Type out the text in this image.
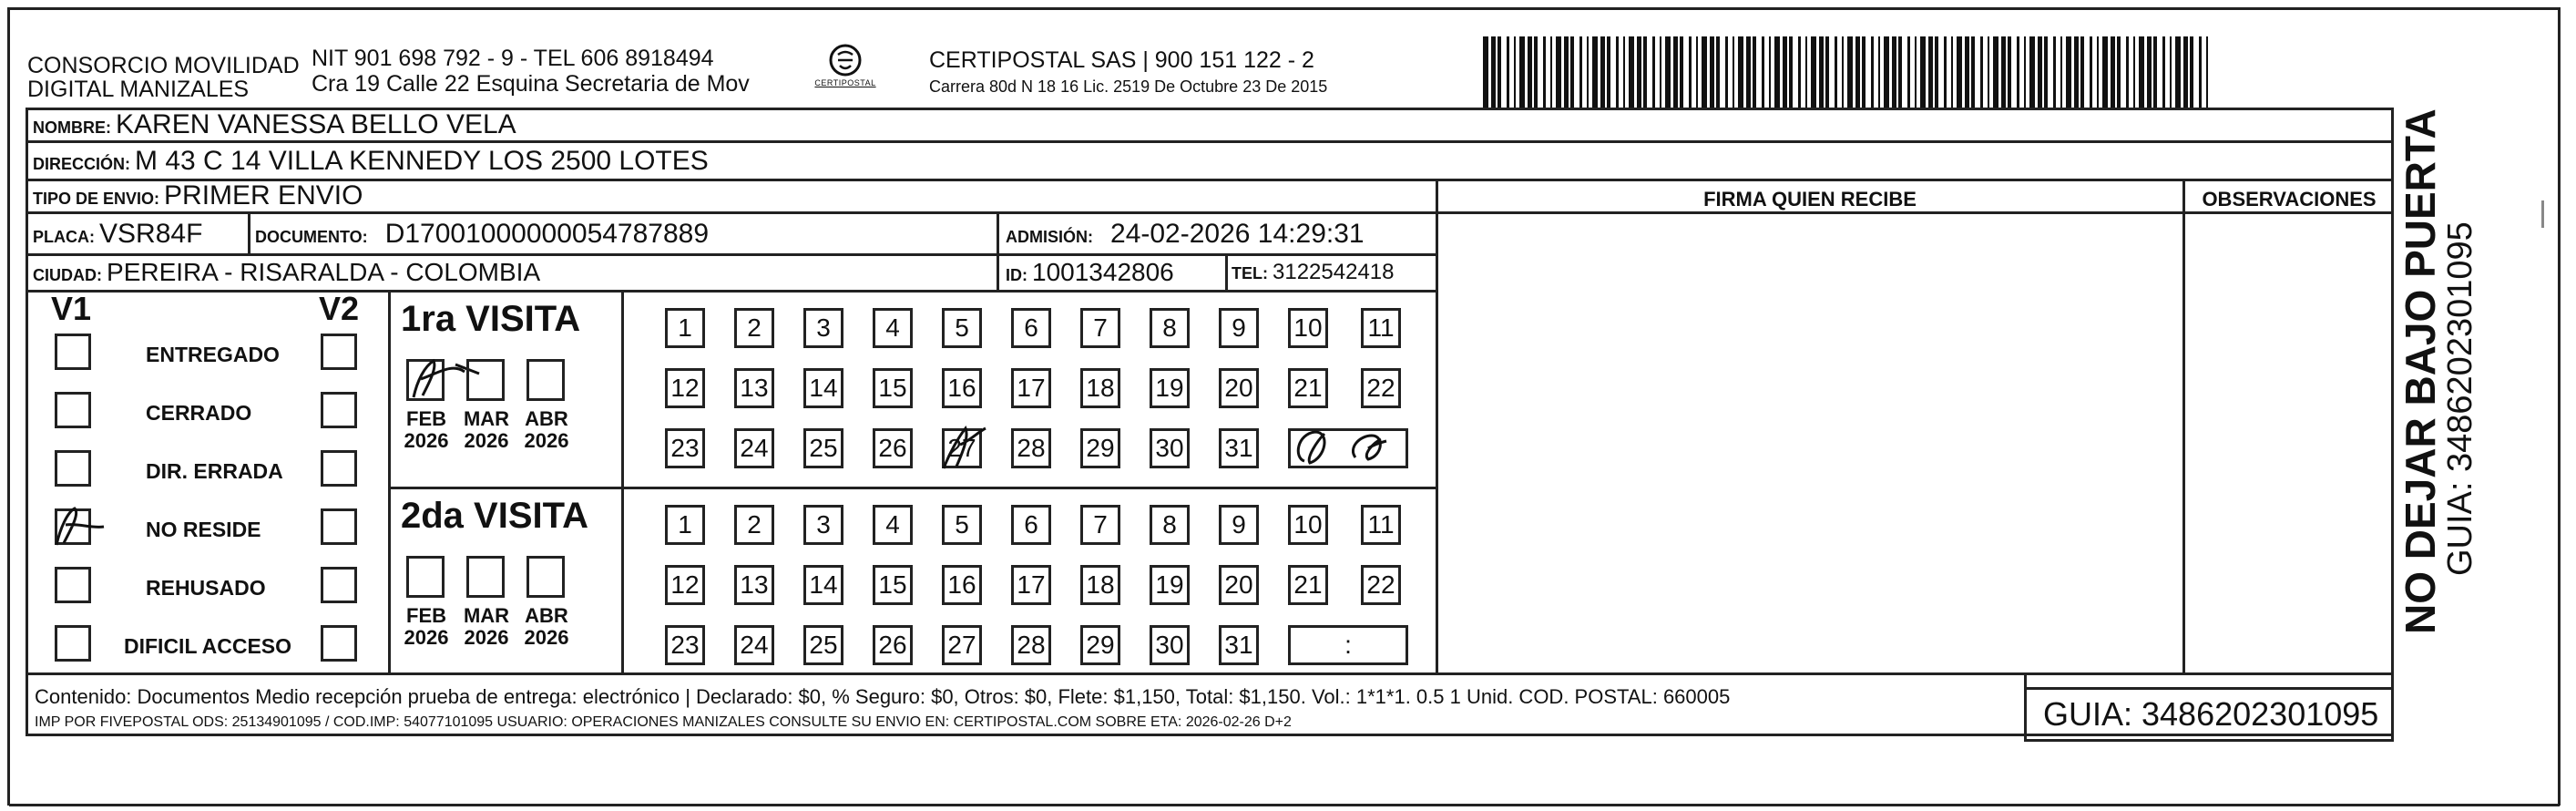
CONSORCIO MOVILIDAD
DIGITAL MANIZALES
NIT 901 698 792 - 9 - TEL 606 8918494
Cra 19 Calle 22 Esquina Secretaria de Mov	CERTIPOSTAL
CERTIPOSTAL SAS | 900 151 122 - 2
Carrera 80d N 18 16 Lic. 2519 De Octubre 23 De 2015
NOMBRE: KAREN VANESSA BELLO VELA
DIRECCIÓN: M 43 C 14 VILLA KENNEDY LOS 2500 LOTES
TIPO DE ENVIO: PRIMER ENVIO	FIRMA QUIEN RECIBE	OBSERVACIONES
PLACA: VSR84F	DOCUMENTO: D17001000000054787889	ADMISIÓN: 24-02-2026 14:29:31
CIUDAD: PEREIRA - RISARALDA - COLOMBIA	ID: 1001342806	TEL: 3122542418
V1	V2
ENTREGADO
CERRADO
DIR. ERRADA
NO RESIDE
REHUSADO
DIFICIL ACCESO
1ra VISITA
FEB
2026
MAR
2026
ABR
2026
1	2	3	4	5	6	7	8	9	10 11
12 13 14 15 16 17 18 19 20 21 22
23 24 25 26 27 28 29 30 31
2da VISITA
FEB
2026
MAR
2026
ABR
2026
1	2	3	4	5	6	7	8	9	10 11
12 13 14 15 16 17 18 19 20 21 22
23 24 25 26 27 28 29 30 31	:
Contenido: Documentos Medio recepción prueba de entrega: electrónico | Declarado: $0, % Seguro: $0, Otros: $0, Flete: $1,150, Total: $1,150. Vol.: 1*1*1. 0.5 1 Unid. COD. POSTAL: 660005
IMP POR FIVEPOSTAL ODS: 25134901095 / COD.IMP: 54077101095 USUARIO: OPERACIONES MANIZALES CONSULTE SU ENVIO EN: CERTIPOSTAL.COM SOBRE ETA: 2026-02-26 D+2	GUIA: 3486202301095
NO DEJAR BAJO PUERTA
GUIA: 3486202301095
